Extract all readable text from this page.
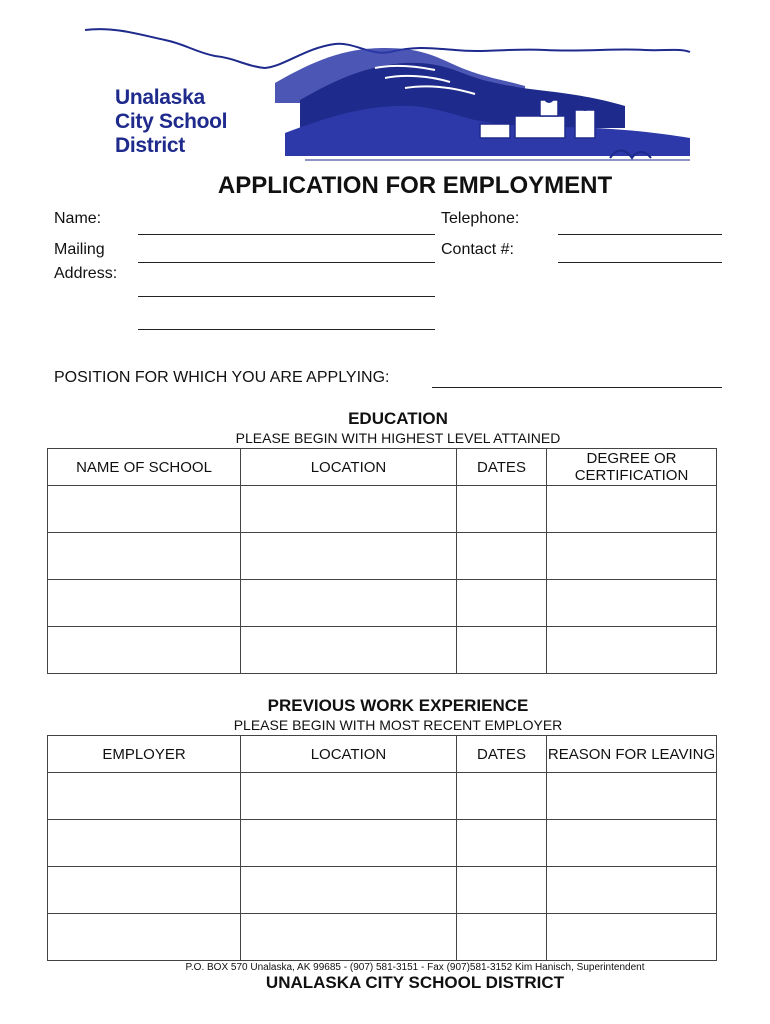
Unalaska
City School
District
APPLICATION FOR EMPLOYMENT
Name:	Telephone:
Mailing
Address:
Contact #:
POSITION FOR WHICH YOU ARE APPLYING:
EDUCATION
PLEASE BEGIN WITH HIGHEST LEVEL ATTAINED
NAME OF SCHOOL	LOCATION	DATES	DEGREE OR CERTIFICATION

PREVIOUS WORK EXPERIENCE
PLEASE BEGIN WITH MOST RECENT EMPLOYER
EMPLOYER	LOCATION	DATES	REASON FOR LEAVING

P.O. BOX 570 Unalaska, AK 99685 - (907) 581-3151 - Fax (907)581-3152 Kim Hanisch, Superintendent
UNALASKA CITY SCHOOL DISTRICT
